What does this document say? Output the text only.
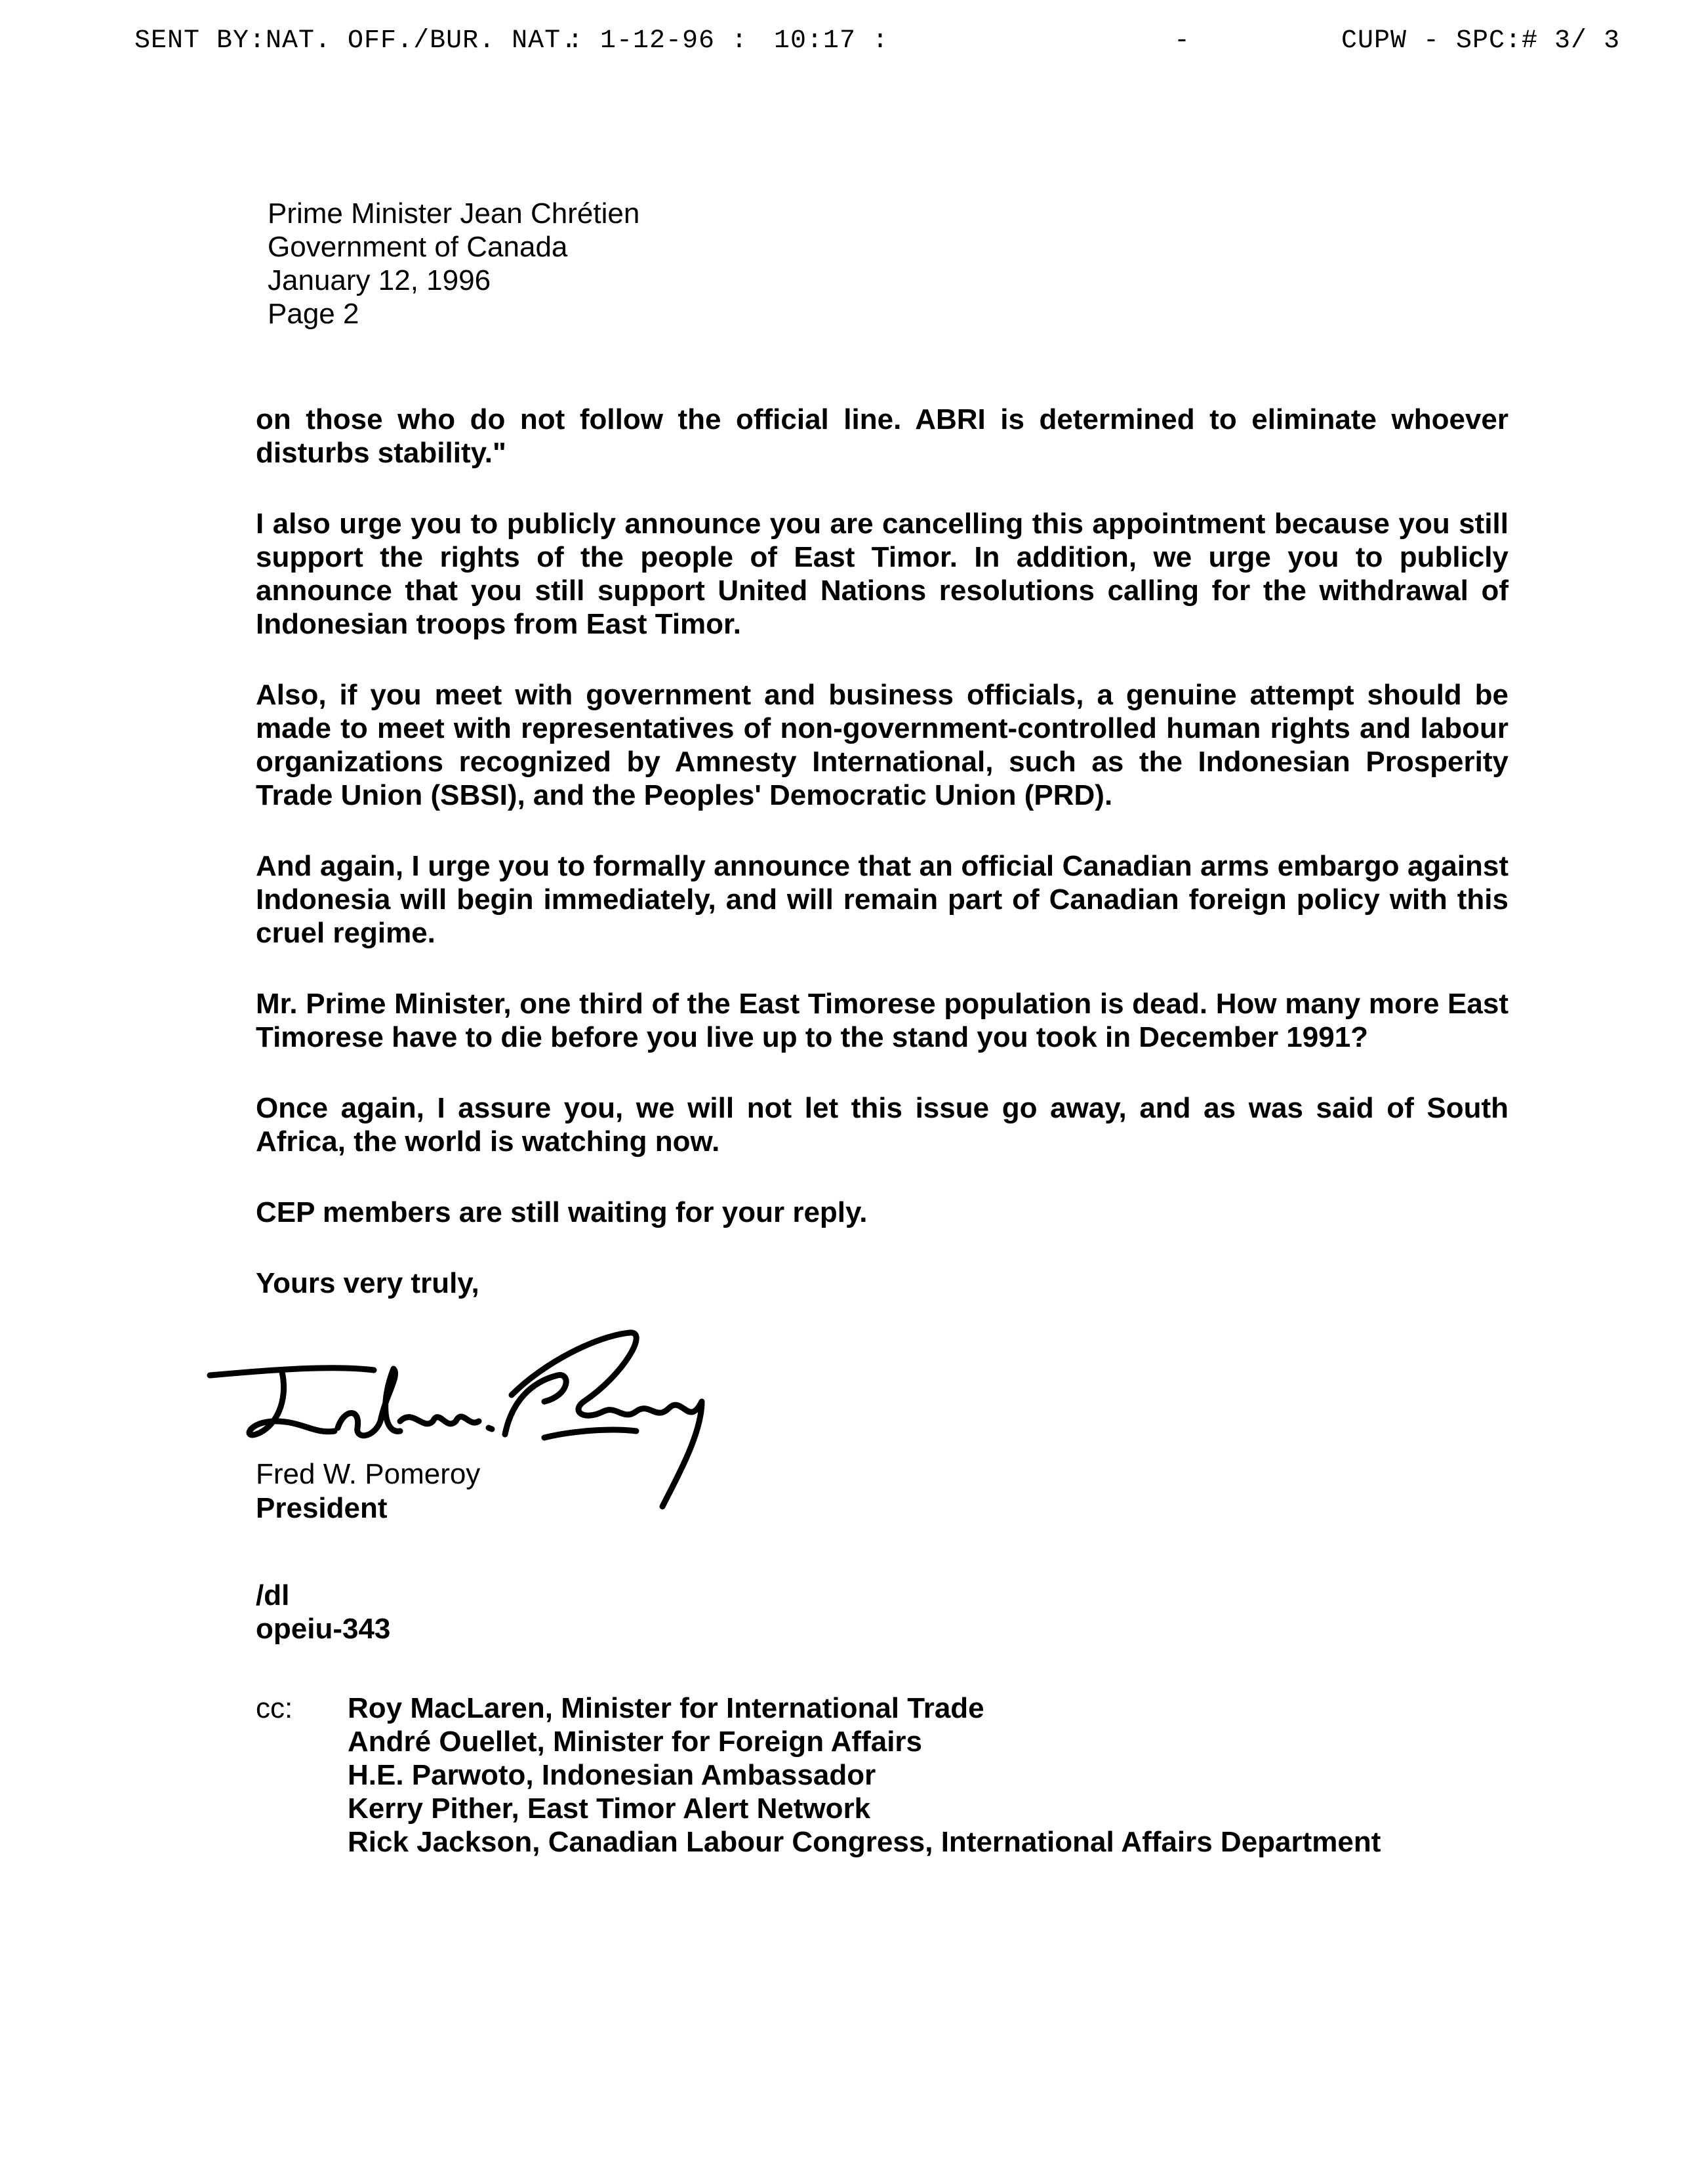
SENT BY:NAT. OFF./BUR. NAT.
: 1-12-96 : 10:17 :	-	CUPW - SPC:# 3/ 3
Prime Minister Jean Chrétien
Government of Canada
January 12, 1996
Page 2

on those who do not follow the official line. ABRI is determined to eliminate whoever disturbs stability."

I also urge you to publicly announce you are cancelling this appointment because you still support the rights of the people of East Timor. In addition, we urge you to publicly announce that you still support United Nations resolutions calling for the withdrawal of Indonesian troops from East Timor.

Also, if you meet with government and business officials, a genuine attempt should be made to meet with representatives of non-government-controlled human rights and labour organizations recognized by Amnesty International, such as the Indonesian Prosperity Trade Union (SBSI), and the Peoples' Democratic Union (PRD).

And again, I urge you to formally announce that an official Canadian arms embargo against Indonesia will begin immediately, and will remain part of Canadian foreign policy with this cruel regime.

Mr. Prime Minister, one third of the East Timorese population is dead. How many more East Timorese have to die before you live up to the stand you took in December 1991?

Once again, I assure you, we will not let this issue go away, and as was said of South Africa, the world is watching now.

CEP members are still waiting for your reply.

Yours very truly,

Fred W. Pomeroy
President
/dl
opeiu-343
cc: Roy MacLaren, Minister for International Trade
André Ouellet, Minister for Foreign Affairs
H.E. Parwoto, Indonesian Ambassador
Kerry Pither, East Timor Alert Network
Rick Jackson, Canadian Labour Congress, International Affairs Department
